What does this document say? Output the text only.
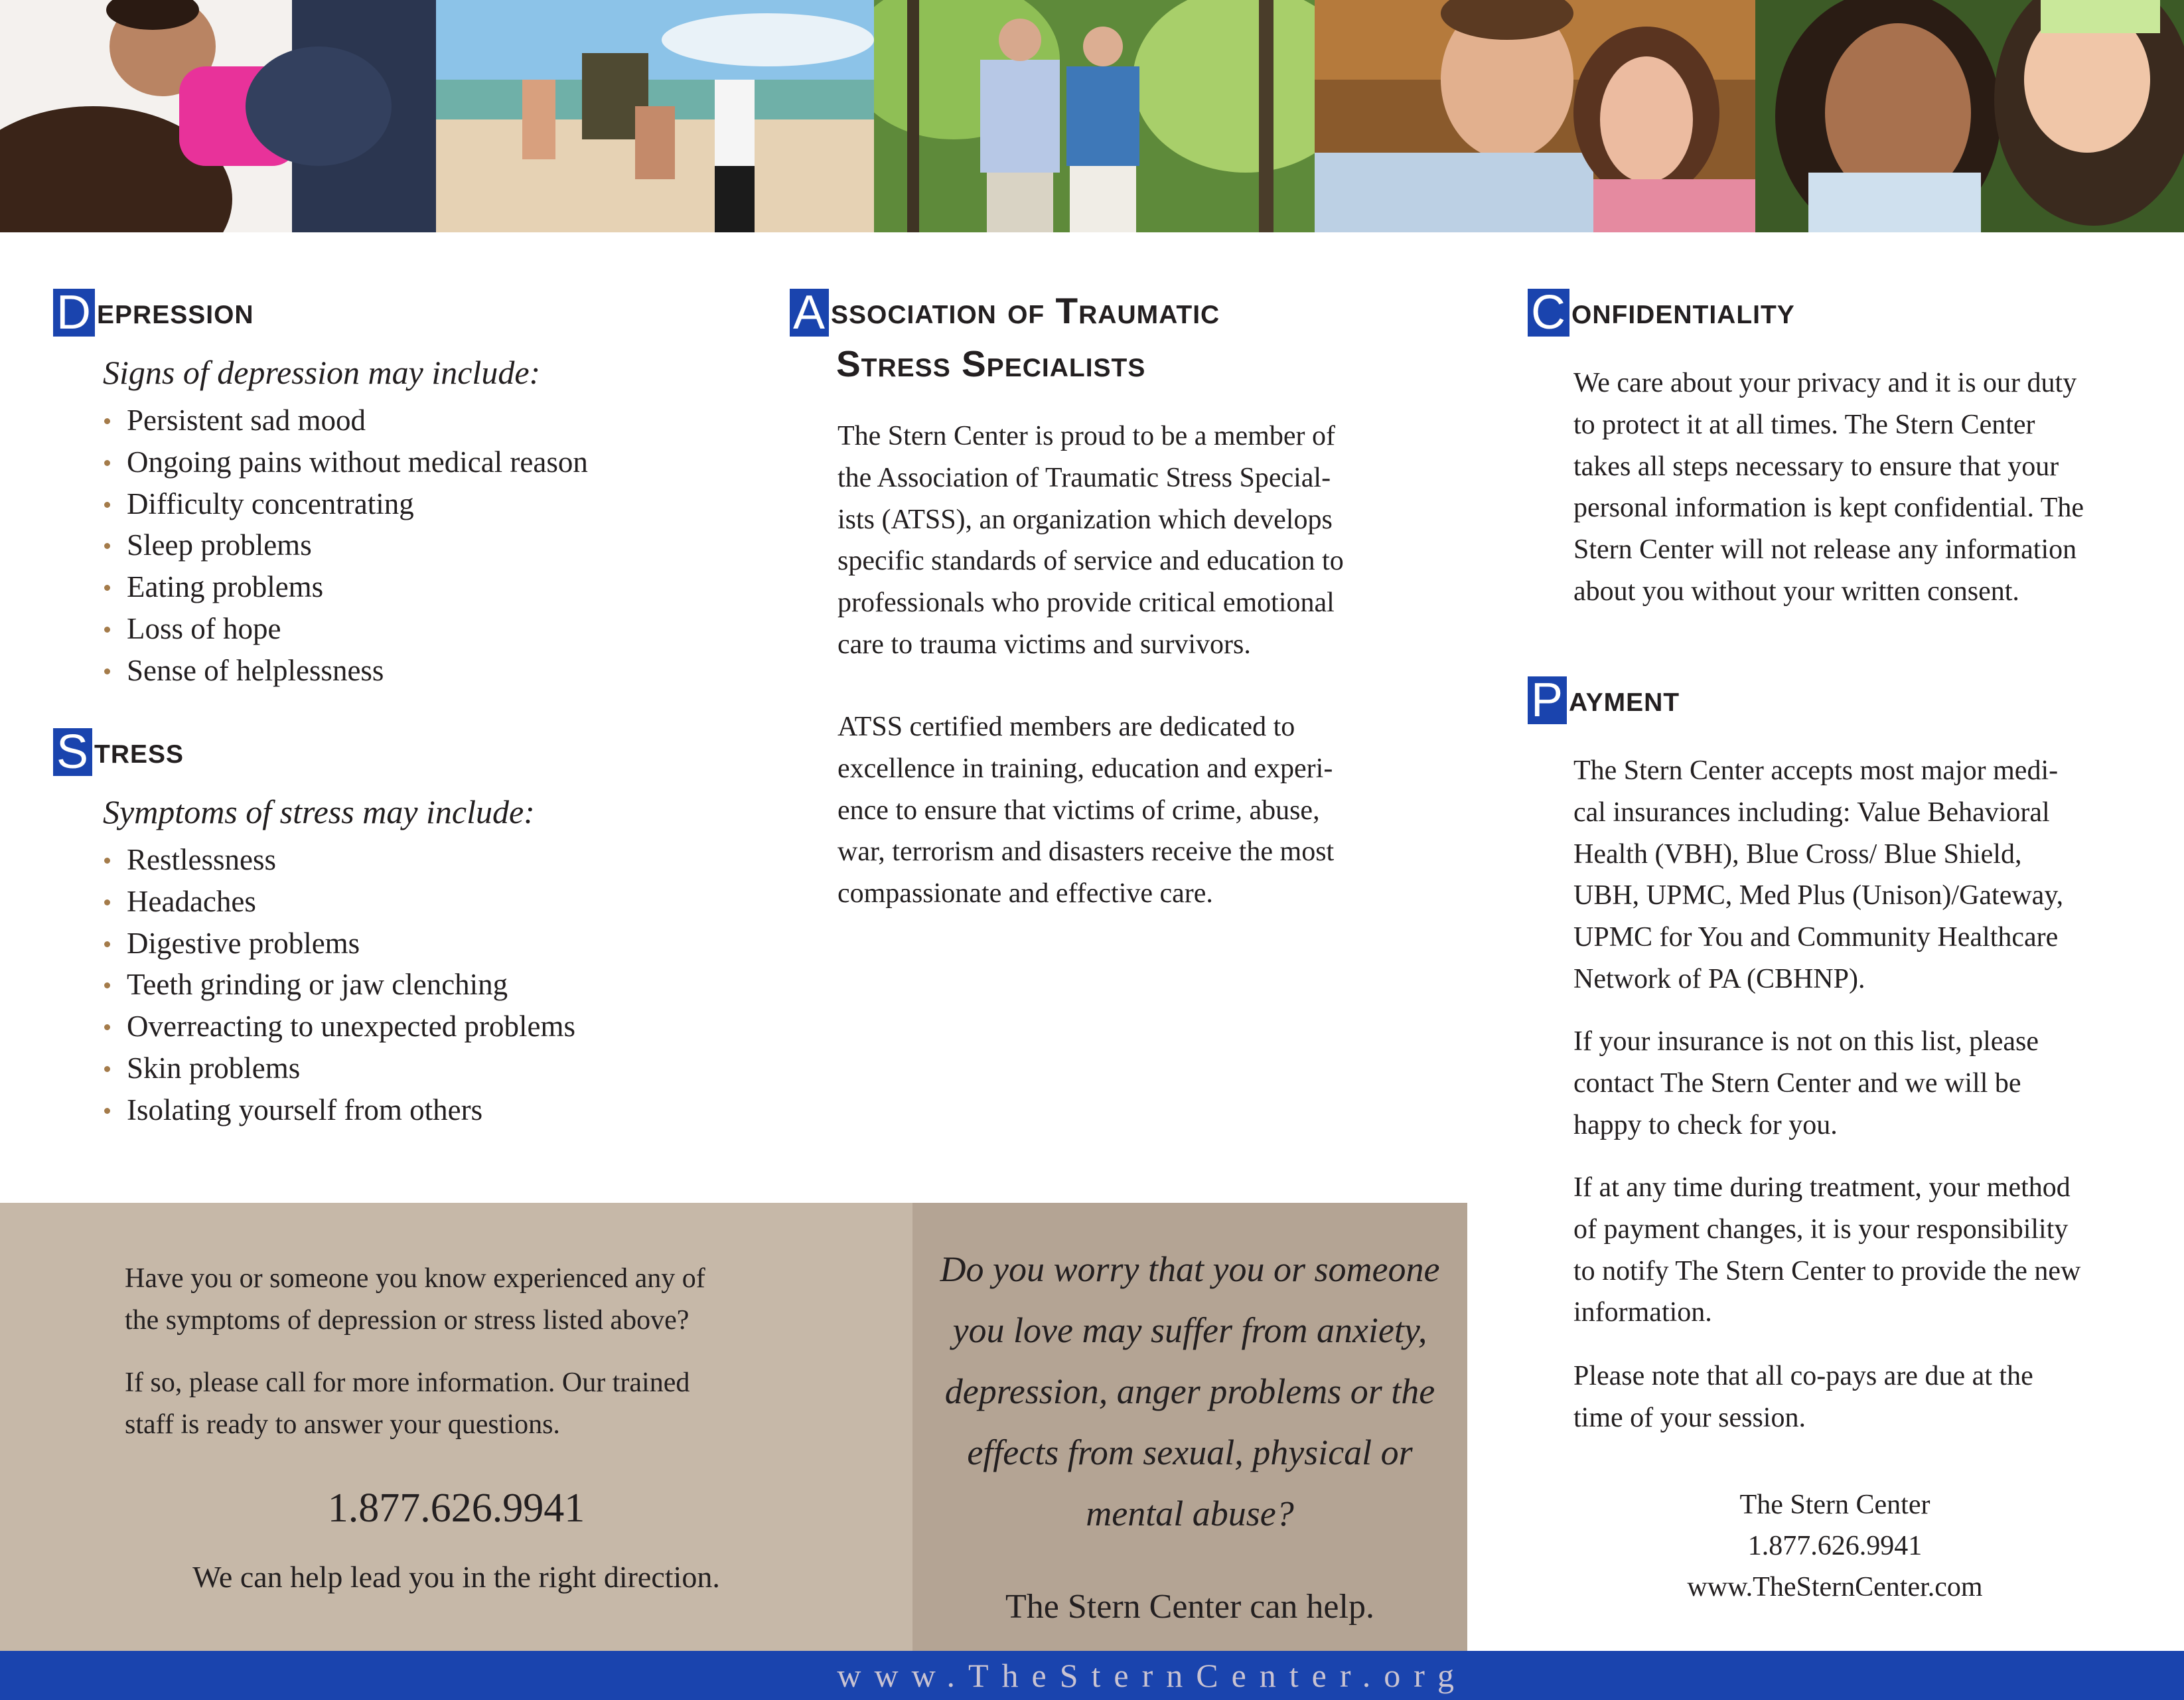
D epression
Signs of depression may include:
Persistent sad mood
Ongoing pains without medical reason
Difficulty concentrating
Sleep problems
Eating problems
Loss of hope
Sense of helplessness
S tress
Symptoms of stress may include:
Restlessness
Headaches
Digestive problems
Teeth grinding or jaw clenching
Overreacting to unexpected problems
Skin problems
Isolating yourself from others
A ssociation of Traumatic
Stress Specialists
The Stern Center is proud to be a member of
the Association of Traumatic Stress Special-
ists (ATSS), an organization which develops
specific standards of service and education to
professionals who provide critical emotional
care to trauma victims and survivors.
ATSS certified members are dedicated to
excellence in training, education and experi-
ence to ensure that victims of crime, abuse,
war, terrorism and disasters receive the most
compassionate and effective care.
C onfidentiality
We care about your privacy and it is our duty
to protect it at all times. The Stern Center
takes all steps necessary to ensure that your
personal information is kept confidential. The
Stern Center will not release any information
about you without your written consent.
P ayment
The Stern Center accepts most major medi-
cal insurances including: Value Behavioral
Health (VBH), Blue Cross/ Blue Shield,
UBH, UPMC, Med Plus (Unison)/Gateway,
UPMC for You and Community Healthcare
Network of PA (CBHNP).
If your insurance is not on this list, please
contact The Stern Center and we will be
happy to check for you.
If at any time during treatment, your method
of payment changes, it is your responsibility
to notify The Stern Center to provide the new
information.
Please note that all co-pays are due at the
time of your session.
The Stern Center
1.877.626.9941
www.TheSternCenter.com
Have you or someone you know experienced any of
the symptoms of depression or stress listed above?
If so, please call for more information. Our trained
staff is ready to answer your questions.
1.877.626.9941
We can help lead you in the right direction.
Do you worry that you or someone
you love may suffer from anxiety,
depression, anger problems or the
effects from sexual, physical or
mental abuse?
The Stern Center can help.
www.TheSternCenter.org
